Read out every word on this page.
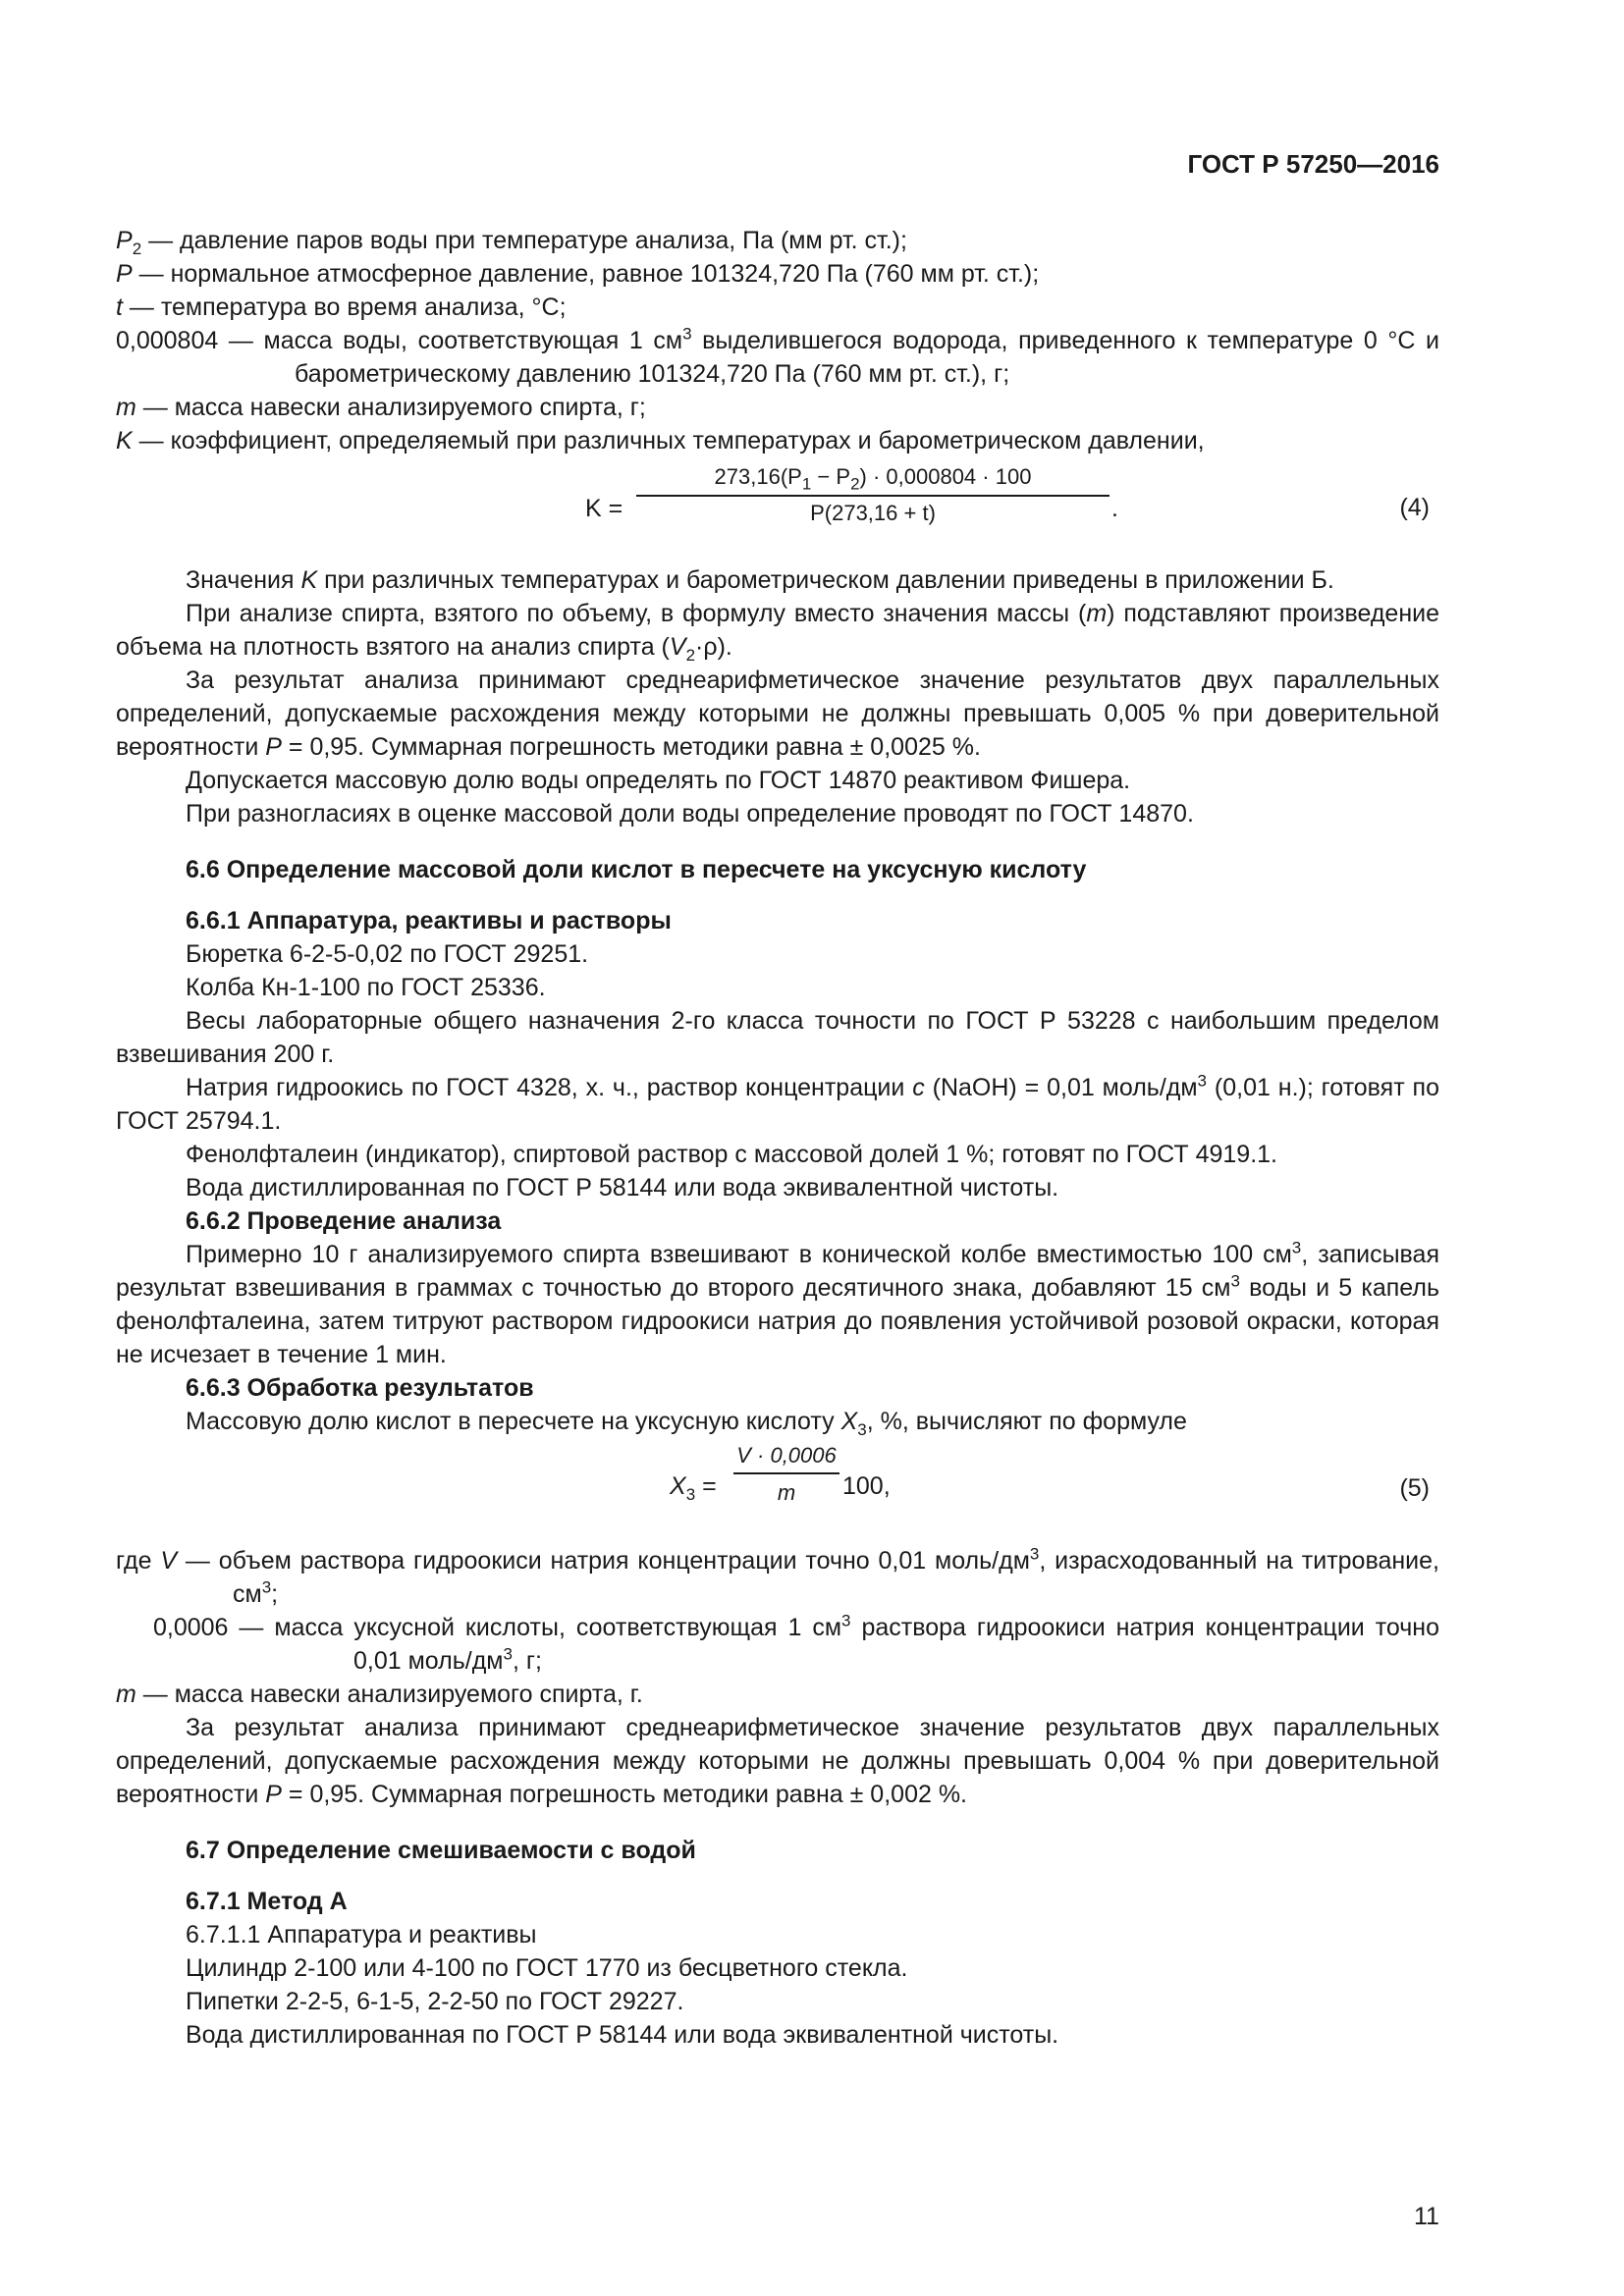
ГОСТ Р 57250—2016

$P_2$ — давление паров воды при температуре анализа, Па (мм рт. ст.);

P — нормальное атмосферное давление, равное 101324,720 Па (760 мм рт. ст.);

t — температура во время анализа, °С;

0,000804 — масса воды, соответствующая 1 $см^3$ выделившегося водорода, приведенного к температуре 0 °С и барометрическому давлению 101324,720 Па (760 мм рт. ст.), г;

m — масса навески анализируемого спирта, г;

K — коэффициент, определяемый при различных температурах и барометрическом давлении,

$K = \frac{273,16(P_1 - P_2) \cdot 0,000804 \cdot 100}{P(273,16 + t)}$ .	(4)

Значения K при различных температурах и барометрическом давлении приведены в приложении Б.

При анализе спирта, взятого по объему, в формулу вместо значения массы (m) подставляют произведение объема на плотность взятого на анализ спирта $(V_2\cdot\rho)$.

За результат анализа принимают среднеарифметическое значение результатов двух параллельных определений, допускаемые расхождения между которыми не должны превышать 0,005 % при доверительной вероятности P = 0,95. Суммарная погрешность методики равна ± 0,0025 %.

Допускается массовую долю воды определять по ГОСТ 14870 реактивом Фишера.

При разногласиях в оценке массовой доли воды определение проводят по ГОСТ 14870.

6.6 Определение массовой доли кислот в пересчете на уксусную кислоту

6.6.1 Аппаратура, реактивы и растворы

Бюретка 6-2-5-0,02 по ГОСТ 29251.

Колба Кн-1-100 по ГОСТ 25336.

Весы лабораторные общего назначения 2-го класса точности по ГОСТ Р 53228 с наибольшим пределом взвешивания 200 г.

Натрия гидроокись по ГОСТ 4328, х. ч., раствор концентрации c (NaOH) = 0,01 моль/$дм^3$ (0,01 н.); готовят по ГОСТ 25794.1.

Фенолфталеин (индикатор), спиртовой раствор с массовой долей 1 %; готовят по ГОСТ 4919.1.

Вода дистиллированная по ГОСТ Р 58144 или вода эквивалентной чистоты.

6.6.2 Проведение анализа

Примерно 10 г анализируемого спирта взвешивают в конической колбе вместимостью 100 $см^3$, записывая результат взвешивания в граммах с точностью до второго десятичного знака, добавляют 15 $см^3$ воды и 5 капель фенолфталеина, затем титруют раствором гидроокиси натрия до появления устойчивой розовой окраски, которая не исчезает в течение 1 мин.

6.6.3 Обработка результатов

Массовую долю кислот в пересчете на уксусную кислоту $X_3$, %, вычисляют по формуле

$X_3 = \frac{V \cdot 0,0006}{m} 100$,	(5)

где V — объем раствора гидроокиси натрия концентрации точно 0,01 моль/$дм^3$, израсходованный на титрование, $см^3$;

0,0006 — масса уксусной кислоты, соответствующая 1 $см^3$ раствора гидроокиси натрия концентрации точно 0,01 моль/$дм^3$, г;

m — масса навески анализируемого спирта, г.

За результат анализа принимают среднеарифметическое значение результатов двух параллельных определений, допускаемые расхождения между которыми не должны превышать 0,004 % при доверительной вероятности P = 0,95. Суммарная погрешность методики равна ± 0,002 %.

6.7 Определение смешиваемости с водой

6.7.1 Метод А

6.7.1.1 Аппаратура и реактивы

Цилиндр 2-100 или 4-100 по ГОСТ 1770 из бесцветного стекла.

Пипетки 2-2-5, 6-1-5, 2-2-50 по ГОСТ 29227.

Вода дистиллированная по ГОСТ Р 58144 или вода эквивалентной чистоты.

11
